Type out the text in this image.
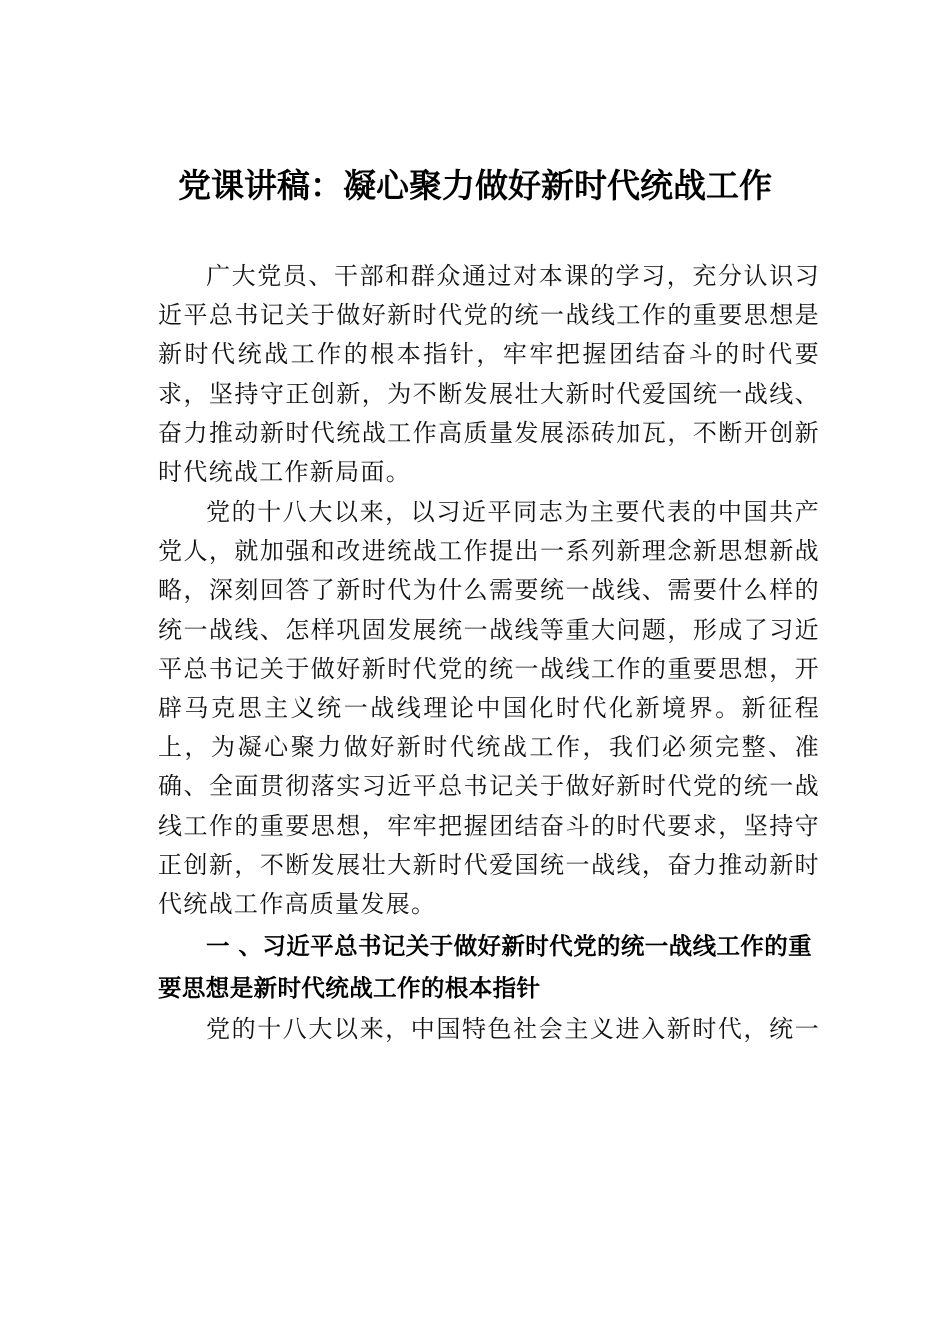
党课讲稿：凝心聚力做好新时代统战工作

广大党员、干部和群众通过对本课的学习，充分认识习近平总书记关于做好新时代党的统一战线工作的重要思想是新时代统战工作的根本指针，牢牢把握团结奋斗的时代要求，坚持守正创新，为不断发展壮大新时代爱国统一战线、奋力推动新时代统战工作高质量发展添砖加瓦，不断开创新时代统战工作新局面。

党的十八大以来，以习近平同志为主要代表的中国共产党人，就加强和改进统战工作提出一系列新理念新思想新战略，深刻回答了新时代为什么需要统一战线、需要什么样的统一战线、怎样巩固发展统一战线等重大问题，形成了习近平总书记关于做好新时代党的统一战线工作的重要思想，开辟马克思主义统一战线理论中国化时代化新境界。新征程上，为凝心聚力做好新时代统战工作，我们必须完整、准确、全面贯彻落实习近平总书记关于做好新时代党的统一战线工作的重要思想，牢牢把握团结奋斗的时代要求，坚持守正创新，不断发展壮大新时代爱国统一战线，奋力推动新时代统战工作高质量发展。

一 、习近平总书记关于做好新时代党的统一战线工作的重要思想是新时代统战工作的根本指针

党的十八大以来，中国特色社会主义进入新时代，统一
